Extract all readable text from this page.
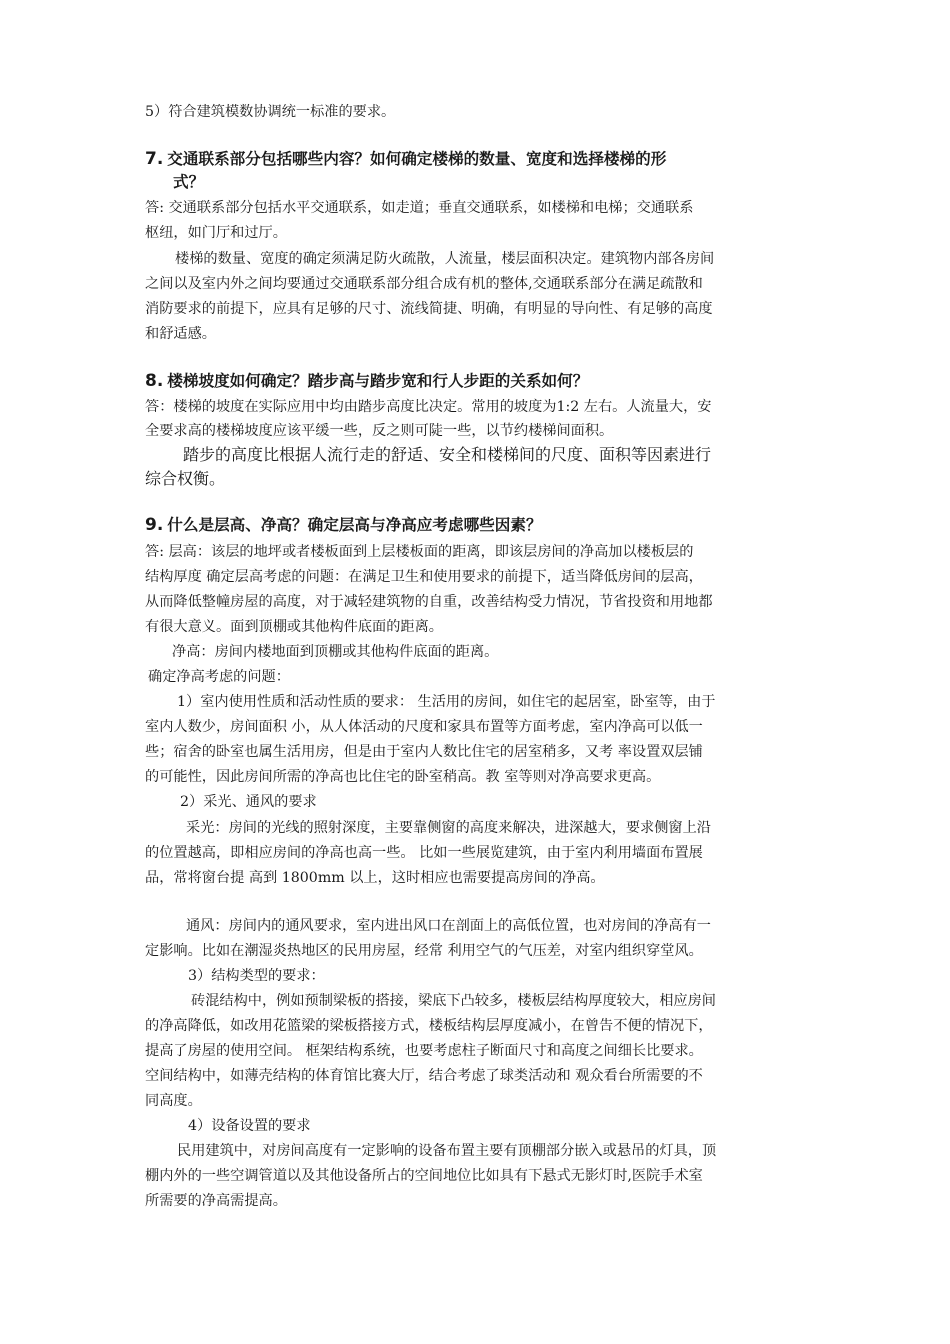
5）符合建筑模数协调统一标准的要求。
7. 交通联系部分包括哪些内容？如何确定楼梯的数量、宽度和选择楼梯的形
式？
答: 交通联系部分包括水平交通联系，如走道；垂直交通联系，如楼梯和电梯；交通联系
枢纽，如门厅和过厅。
楼梯的数量、宽度的确定须满足防火疏散，人流量，楼层面积决定。建筑物内部各房间
之间以及室内外之间均要通过交通联系部分组合成有机的整体,交通联系部分在满足疏散和
消防要求的前提下，应具有足够的尺寸、流线简捷、明确，有明显的导向性、有足够的高度
和舒适感。
8. 楼梯坡度如何确定？踏步高与踏步宽和行人步距的关系如何？
答：楼梯的坡度在实际应用中均由踏步高度比决定。常用的坡度为1:2 左右。人流量大，安
全要求高的楼梯坡度应该平缓一些，反之则可陡一些，以节约楼梯间面积。
踏步的高度比根据人流行走的舒适、安全和楼梯间的尺度、面积等因素进行
综合权衡。
9. 什么是层高、净高？确定层高与净高应考虑哪些因素？
答: 层高：该层的地坪或者楼板面到上层楼板面的距离，即该层房间的净高加以楼板层的
结构厚度 确定层高考虑的问题：在满足卫生和使用要求的前提下，适当降低房间的层高，
从而降低整幢房屋的高度，对于减轻建筑物的自重，改善结构受力情况，节省投资和用地都
有很大意义。面到顶棚或其他构件底面的距离。
净高：房间内楼地面到顶棚或其他构件底面的距离。
确定净高考虑的问题：
1）室内使用性质和活动性质的要求： 生活用的房间，如住宅的起居室，卧室等，由于
室内人数少，房间面积 小，从人体活动的尺度和家具布置等方面考虑，室内净高可以低一
些；宿舍的卧室也属生活用房，但是由于室内人数比住宅的居室稍多，又考 率设置双层铺
的可能性，因此房间所需的净高也比住宅的卧室稍高。教 室等则对净高要求更高。
2）采光、通风的要求
采光：房间的光线的照射深度，主要靠侧窗的高度来解决，进深越大，要求侧窗上沿
的位置越高，即相应房间的净高也高一些。 比如一些展览建筑，由于室内利用墙面布置展
品，常将窗台提 高到 1800mm 以上，这时相应也需要提高房间的净高。
通风：房间内的通风要求，室内进出风口在剖面上的高低位置，也对房间的净高有一
定影响。比如在潮湿炎热地区的民用房屋，经常 利用空气的气压差，对室内组织穿堂风。
3）结构类型的要求：
砖混结构中，例如预制梁板的搭接，梁底下凸较多，楼板层结构厚度较大，相应房间
的净高降低，如改用花篮梁的梁板搭接方式，楼板结构层厚度减小，在曾告不便的情况下，
提高了房屋的使用空间。 框架结构系统，也要考虑柱子断面尺寸和高度之间细长比要求。
空间结构中，如薄壳结构的体育馆比赛大厅，结合考虑了球类活动和 观众看台所需要的不
同高度。
4）设备设置的要求
民用建筑中，对房间高度有一定影响的设备布置主要有顶棚部分嵌入或悬吊的灯具，顶
棚内外的一些空调管道以及其他设备所占的空间地位比如具有下悬式无影灯时,医院手术室
所需要的净高需提高。
